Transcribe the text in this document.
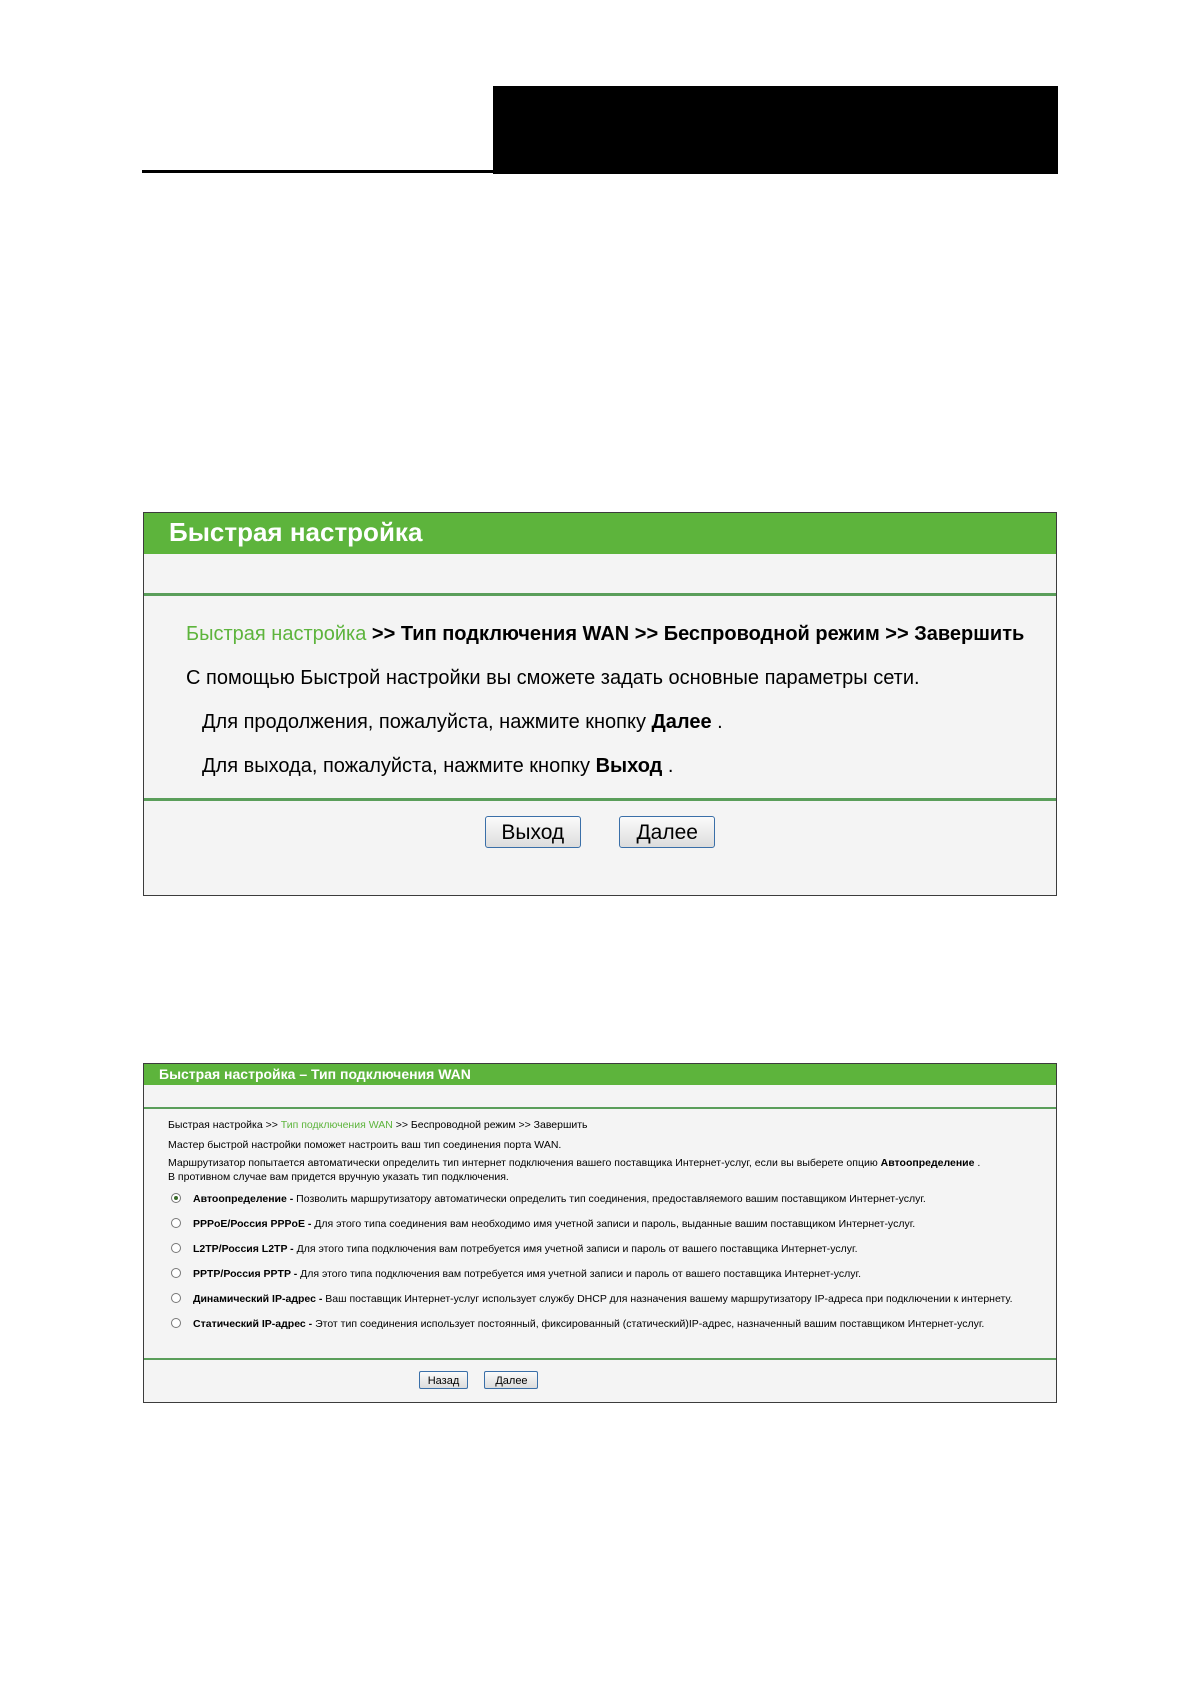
Быстрая настройка
Быстрая настройка >> Тип подключения WAN >> Беспроводной режим >> Завершить
С помощью Быстрой настройки вы сможете задать основные параметры сети.
Для продолжения, пожалуйста, нажмите кнопку Далее .
Для выхода, пожалуйста, нажмите кнопку Выход .
Выход	Далее
Быстрая настройка – Тип подключения WAN
Быстрая настройка >> Тип подключения WAN >> Беспроводной режим >> Завершить
Мастер быстрой настройки поможет настроить ваш тип соединения порта WAN.
Маршрутизатор попытается автоматически определить тип интернет подключения вашего поставщика Интернет-услуг, если вы выберете опцию Автоопределение .
В противном случае вам придется вручную указать тип подключения.
Автоопределение - Позволить маршрутизатору автоматически определить тип соединения, предоставляемого вашим поставщиком Интернет-услуг.
PPPoE/Россия PPPoE - Для этого типа соединения вам необходимо имя учетной записи и пароль, выданные вашим поставщиком Интернет-услуг.
L2TP/Россия L2TP - Для этого типа подключения вам потребуется имя учетной записи и пароль от вашего поставщика Интернет-услуг.
PPTP/Россия PPTP - Для этого типа подключения вам потребуется имя учетной записи и пароль от вашего поставщика Интернет-услуг.
Динамический IP-адрес - Ваш поставщик Интернет-услуг использует службу DHCP для назначения вашему маршрутизатору IP-адреса при подключении к интернету.
Статический IP-адрес - Этот тип соединения использует постоянный, фиксированный (статический)IP-адрес, назначенный вашим поставщиком Интернет-услуг.
Назад	Далее
